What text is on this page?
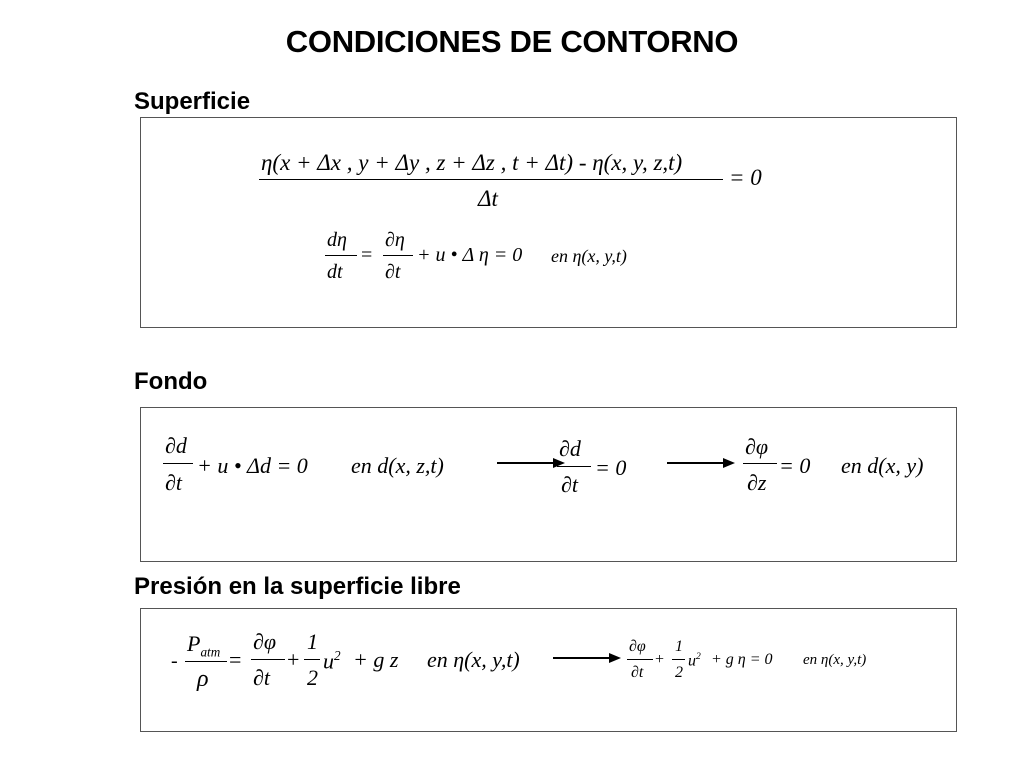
CONDICIONES DE CONTORNO
Superficie
η(x + Δx , y + Δy , z + Δz , t + Δt) - η(x, y, z,t)
Δt
= 0
dη
dt
=
∂η
∂t
+ u • Δ η = 0 en η(x, y,t)
Fondo
∂d
∂t
+ u • Δd = 0 en d(x, z,t)
∂d
∂t
= 0
∂φ
∂z
= 0 en d(x, y)
Presión en la superficie libre
-
$P_{atm}$
ρ
=
∂φ
∂t
+
1
2
$u^2 + g$ z en η(x, y,t)
∂φ
∂t
+
1
2
$u^2 + g$ η = 0 en η(x, y,t)
